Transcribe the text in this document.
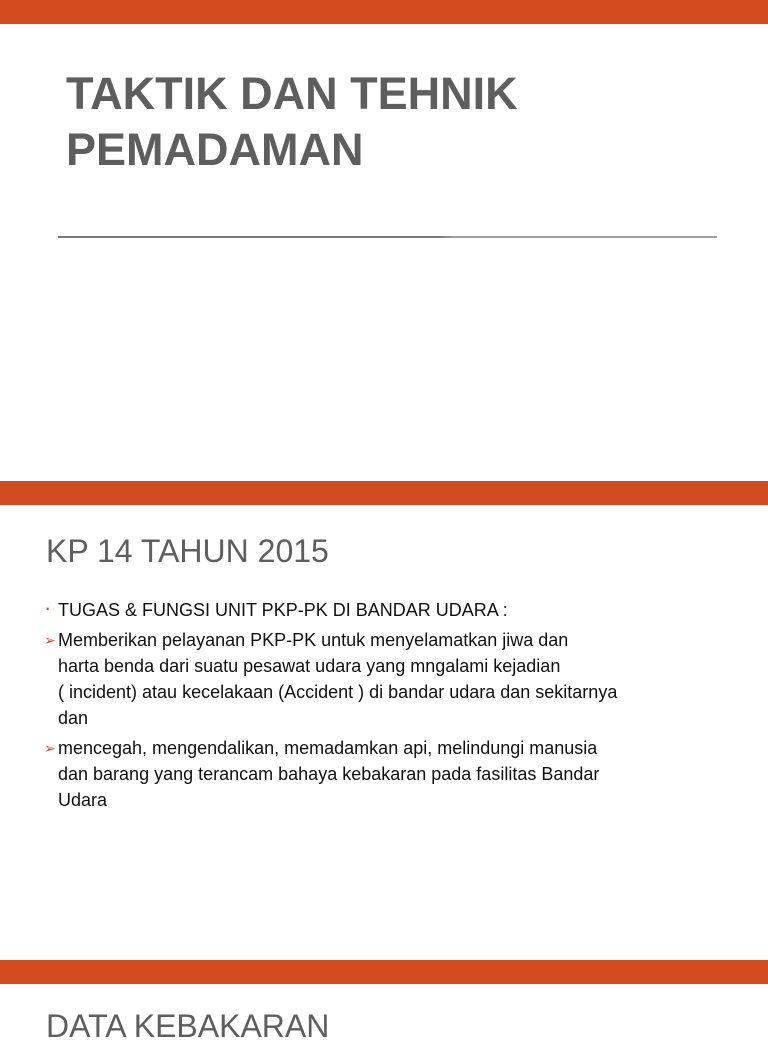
TAKTIK DAN TEHNIK
PEMADAMAN
KP 14 TAHUN 2015
· TUGAS & FUNGSI UNIT PKP-PK DI BANDAR UDARA :
➢ Memberikan pelayanan PKP-PK untuk menyelamatkan jiwa dan
harta benda dari suatu pesawat udara yang mngalami kejadian
( incident) atau kecelakaan (Accident ) di bandar udara dan sekitarnya
dan
➢ mencegah, mengendalikan, memadamkan api, melindungi manusia
dan barang yang terancam bahaya kebakaran pada fasilitas Bandar
Udara
DATA KEBAKARAN
